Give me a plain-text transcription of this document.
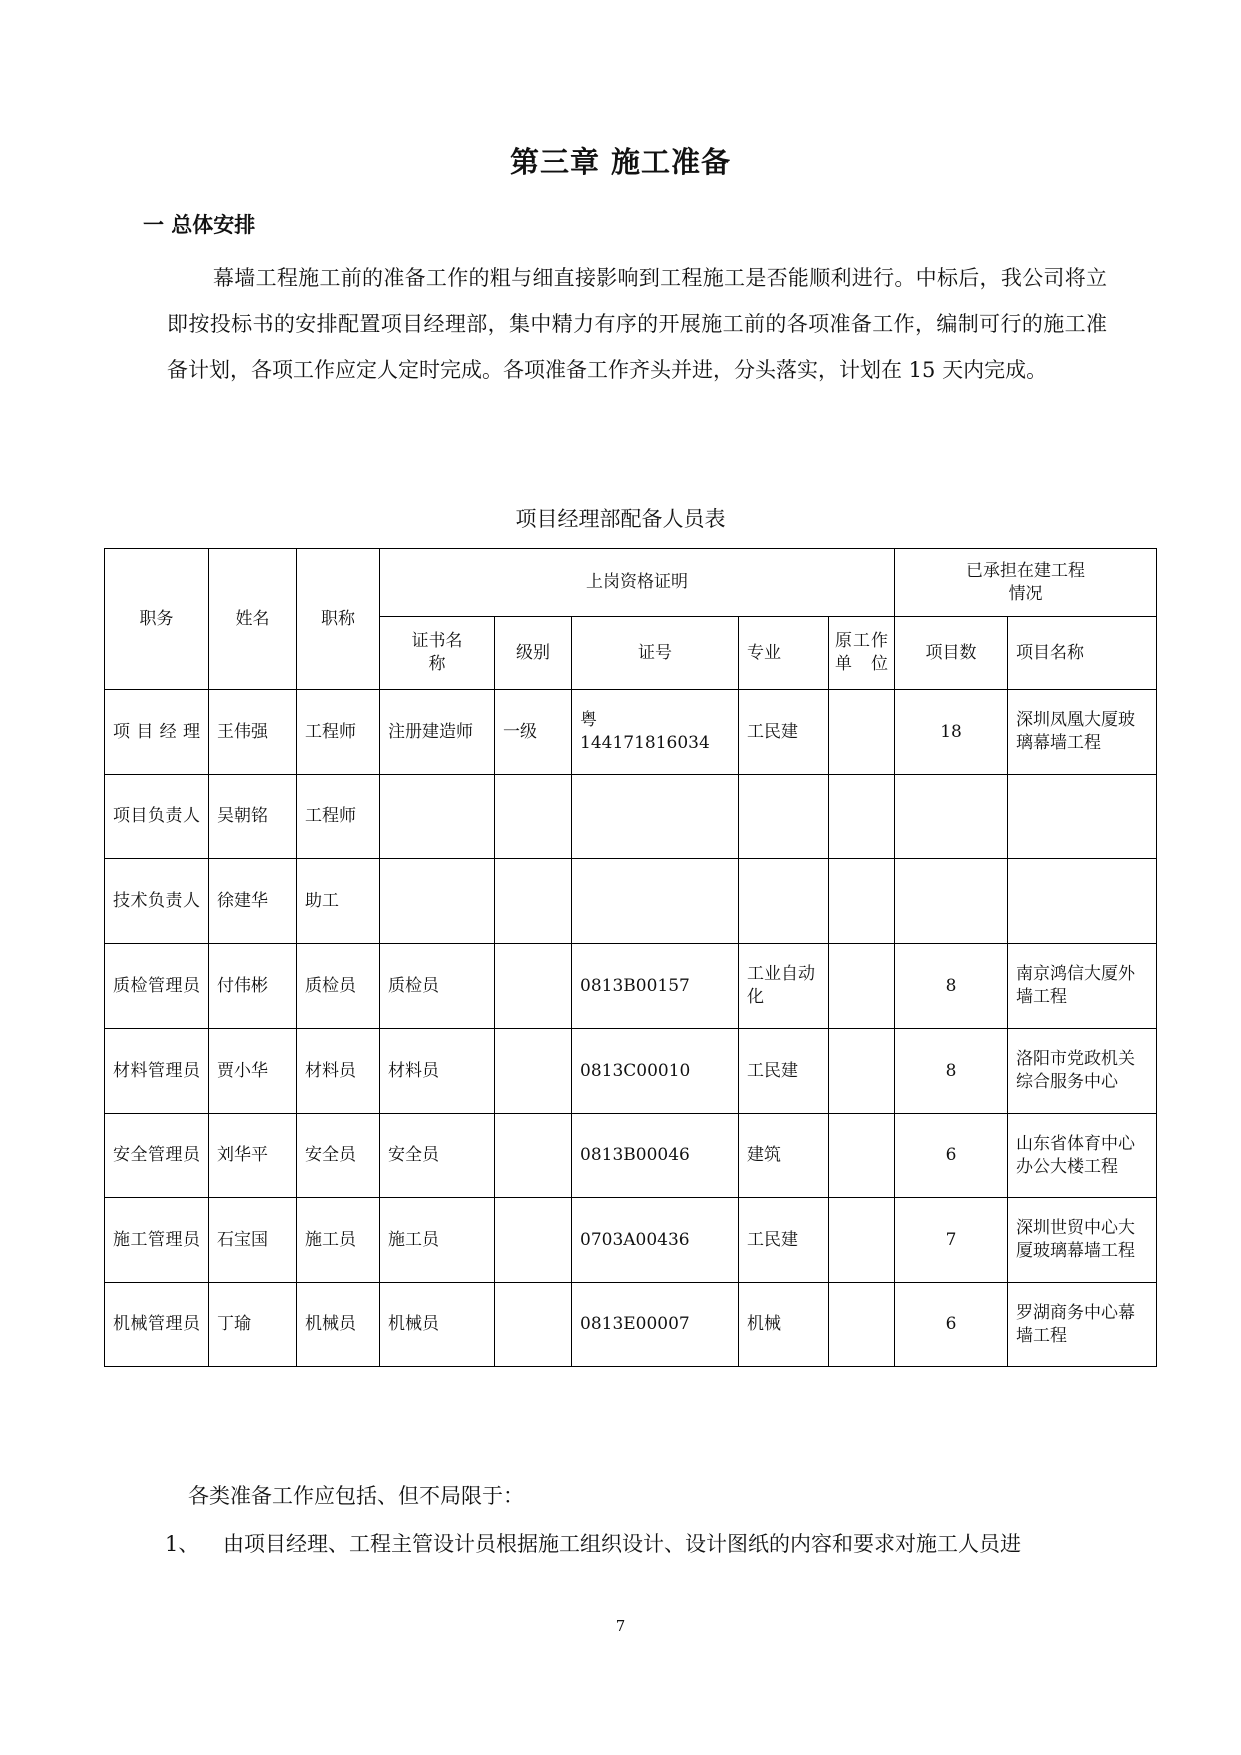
第三章 施工准备
一 总体安排
幕墙工程施工前的准备工作的粗与细直接影响到工程施工是否能顺利进行。中标后，我公司将立即按投标书的安排配置项目经理部，集中精力有序的开展施工前的各项准备工作，编制可行的施工准备计划，各项工作应定人定时完成。各项准备工作齐头并进，分头落实，计划在 15 天内完成。
项目经理部配备人员表
职务	姓名	职称	上岗资格证明					已承担在建工程
情况	

			证书名称	级别	证号	专业	原工作单位	项目数	项目名称
项目经理	王伟强	工程师	注册建造师	一级	粤 144171816034	工民建		18	深圳凤凰大厦玻璃幕墙工程
项目负责人	吴朝铭	工程师							
技术负责人	徐建华	助工							
质检管理员	付伟彬	质检员	质检员		0813B00157	工业自动化		8	南京鸿信大厦外墙工程
材料管理员	贾小华	材料员	材料员		0813C00010	工民建		8	洛阳市党政机关综合服务中心
安全管理员	刘华平	安全员	安全员		0813B00046	建筑		6	山东省体育中心办公大楼工程
施工管理员	石宝国	施工员	施工员		0703A00436	工民建		7	深圳世贸中心大厦玻璃幕墙工程
机械管理员	丁瑜	机械员	机械员		0813E00007	机械		6	罗湖商务中心幕墙工程
各类准备工作应包括、但不局限于：
1、 由项目经理、工程主管设计员根据施工组织设计、设计图纸的内容和要求对施工人员进
7
